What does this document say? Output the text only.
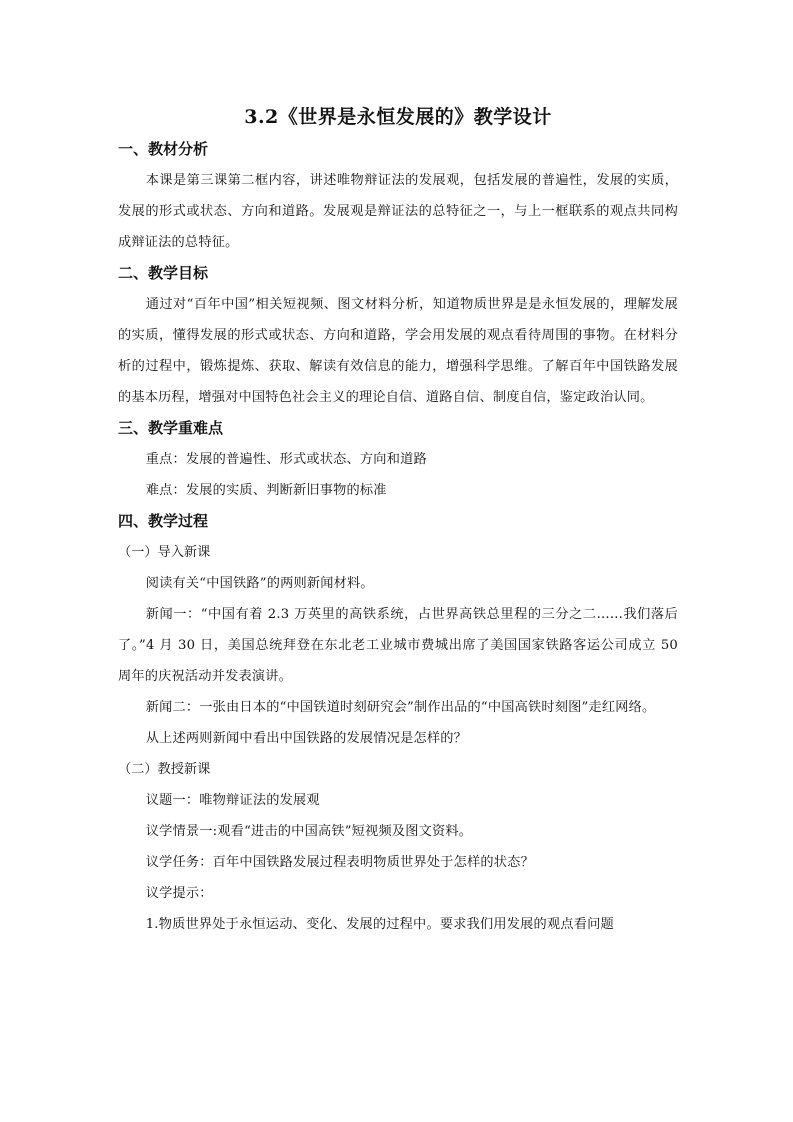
3.2《世界是永恒发展的》教学设计
一、教材分析

本课是第三课第二框内容，讲述唯物辩证法的发展观，包括发展的普遍性，发展的实质，发展的形式或状态、方向和道路。发展观是辩证法的总特征之一，与上一框联系的观点共同构成辩证法的总特征。

二、教学目标

通过对“百年中国”相关短视频、图文材料分析，知道物质世界是是永恒发展的，理解发展的实质，懂得发展的形式或状态、方向和道路，学会用发展的观点看待周围的事物。在材料分析的过程中，锻炼提炼、获取、解读有效信息的能力，增强科学思维。了解百年中国铁路发展的基本历程，增强对中国特色社会主义的理论自信、道路自信、制度自信，鉴定政治认同。

三、教学重难点

重点：发展的普遍性、形式或状态、方向和道路

难点：发展的实质、判断新旧事物的标准

四、教学过程

（一）导入新课

阅读有关“中国铁路”的两则新闻材料。

新闻一：“中国有着 2.3 万英里的高铁系统，占世界高铁总里程的三分之二......我们落后了。”4 月 30 日，美国总统拜登在东北老工业城市费城出席了美国国家铁路客运公司成立 50 周年的庆祝活动并发表演讲。

新闻二：一张由日本的“中国铁道时刻研究会”制作出品的“中国高铁时刻图”走红网络。

从上述两则新闻中看出中国铁路的发展情况是怎样的？

（二）教授新课

议题一：唯物辩证法的发展观

议学情景一:观看“进击的中国高铁”短视频及图文资料。

议学任务：百年中国铁路发展过程表明物质世界处于怎样的状态？

议学提示：

1.物质世界处于永恒运动、变化、发展的过程中。要求我们用发展的观点看问题
